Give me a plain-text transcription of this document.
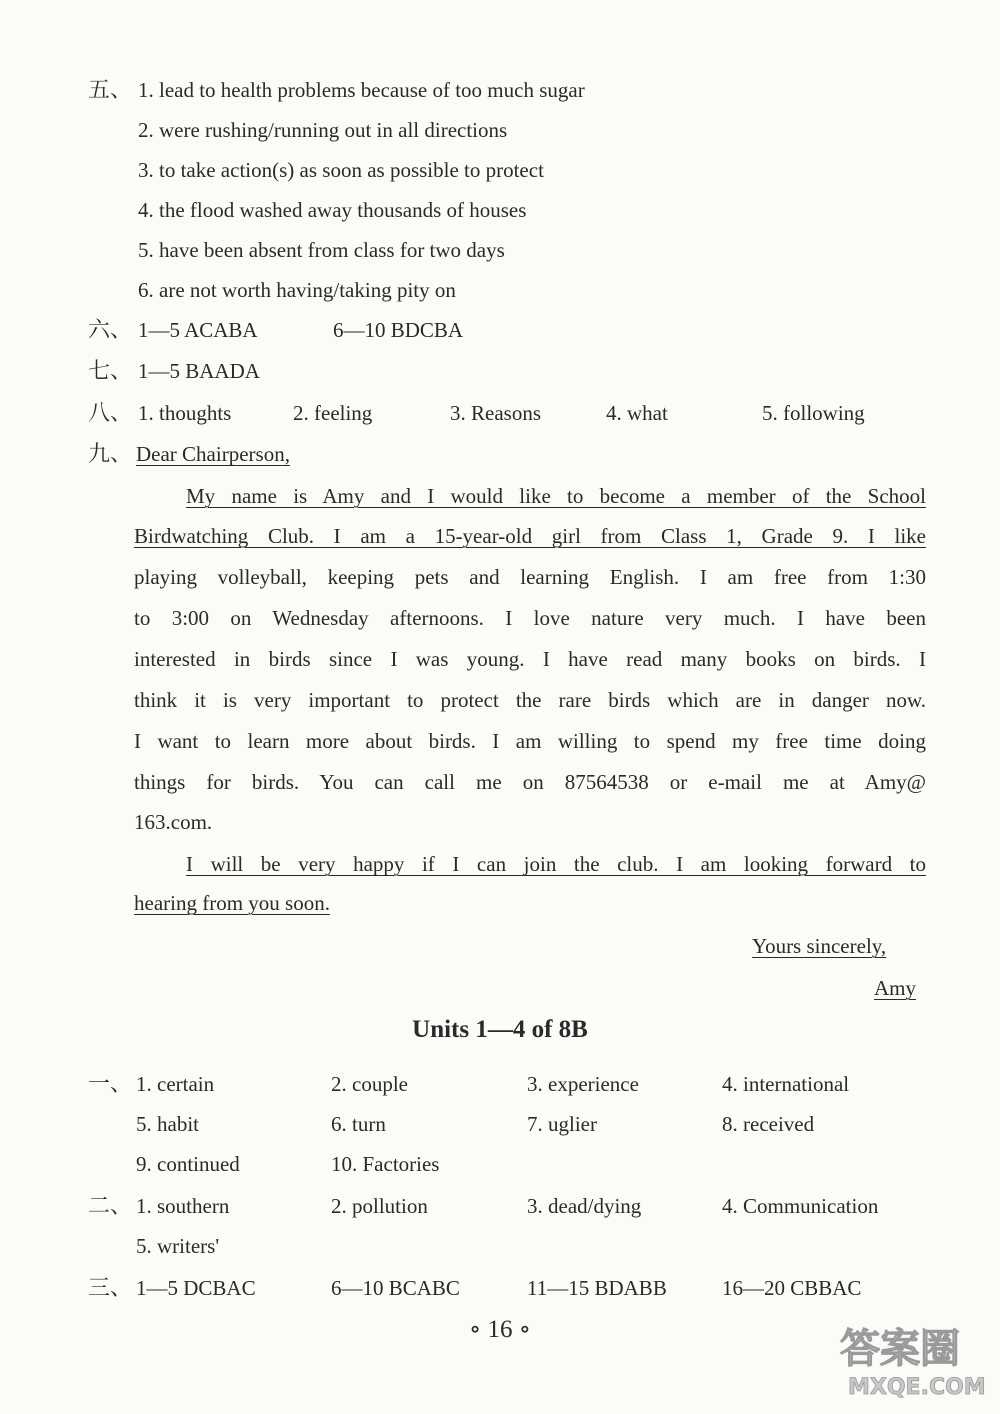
五、 1. lead to health problems because of too much sugar
2. were rushing/running out in all directions
3. to take action(s) as soon as possible to protect
4. the flood washed away thousands of houses
5. have been absent from class for two days
6. are not worth having/taking pity on
六、 1—5 ACABA	6—10 BDCBA
七、 1—5 BAADA
八、 1. thoughts	2. feeling	3. Reasons	4. what	5. following
九、 Dear Chairperson,
My name is Amy and I would like to become a member of the School
Birdwatching Club. I am a 15-year-old girl from Class 1, Grade 9. I like
playing volleyball, keeping pets and learning English. I am free from 1:30
to 3:00 on Wednesday afternoons. I love nature very much. I have been
interested in birds since I was young. I have read many books on birds. I
think it is very important to protect the rare birds which are in danger now.
I want to learn more about birds. I am willing to spend my free time doing
things for birds. You can call me on 87564538 or e-mail me at Amy@
163.com.
I will be very happy if I can join the club. I am looking forward to
hearing from you soon.
Yours sincerely,
Amy
Units 1—4 of 8B
一、 1. certain	2. couple	3. experience	4. international
5. habit	6. turn	7. uglier	8. received
9. continued	10. Factories
二、 1. southern	2. pollution	3. dead/dying	4. Communication
5. writers'
三、 1—5 DCBAC	6—10 BCABC	11—15 BDABB	16—20 CBBAC
∘ 16 ∘	答案圈
MXQE.COM
